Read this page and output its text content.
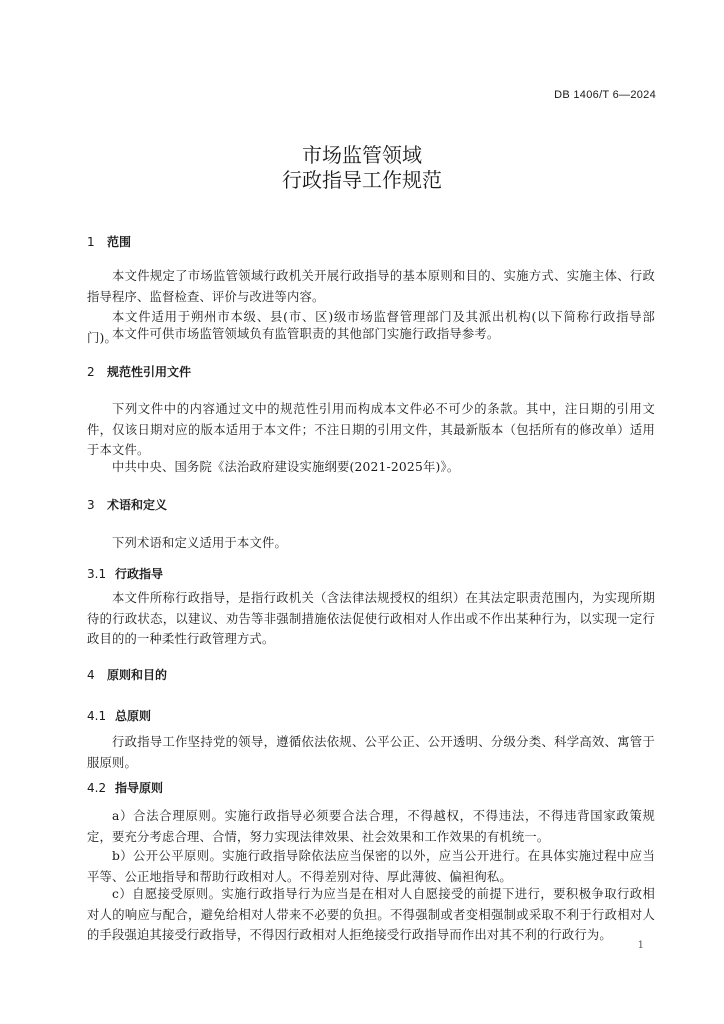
DB 1406/T 6—2024
市场监管领域
行政指导工作规范
1 范围
本文件规定了市场监管领域行政机关开展行政指导的基本原则和目的、实施方式、实施主体、行政指导程序、监督检查、评价与改进等内容。
本文件适用于朔州市本级、县(市、区)级市场监督管理部门及其派出机构(以下简称行政指导部门)。
本文件可供市场监管领域负有监管职责的其他部门实施行政指导参考。
2 规范性引用文件
下列文件中的内容通过文中的规范性引用而构成本文件必不可少的条款。其中，注日期的引用文件，仅该日期对应的版本适用于本文件；不注日期的引用文件，其最新版本（包括所有的修改单）适用于本文件。
中共中央、国务院《法治政府建设实施纲要(2021-2025年)》。
3 术语和定义
下列术语和定义适用于本文件。
3.1 行政指导
本文件所称行政指导，是指行政机关（含法律法规授权的组织）在其法定职责范围内，为实现所期待的行政状态，以建议、劝告等非强制措施依法促使行政相对人作出或不作出某种行为，以实现一定行政目的的一种柔性行政管理方式。
4 原则和目的
4.1 总原则
行政指导工作坚持党的领导，遵循依法依规、公平公正、公开透明、分级分类、科学高效、寓管于服原则。
4.2 指导原则
a）合法合理原则。实施行政指导必须要合法合理，不得越权，不得违法，不得违背国家政策规定，要充分考虑合理、合情，努力实现法律效果、社会效果和工作效果的有机统一。
b）公开公平原则。实施行政指导除依法应当保密的以外，应当公开进行。在具体实施过程中应当平等、公正地指导和帮助行政相对人。不得差别对待、厚此薄彼、偏袒徇私。
c）自愿接受原则。实施行政指导行为应当是在相对人自愿接受的前提下进行，要积极争取行政相对人的响应与配合，避免给相对人带来不必要的负担。不得强制或者变相强制或采取不利于行政相对人的手段强迫其接受行政指导，不得因行政相对人拒绝接受行政指导而作出对其不利的行政行为。
1
